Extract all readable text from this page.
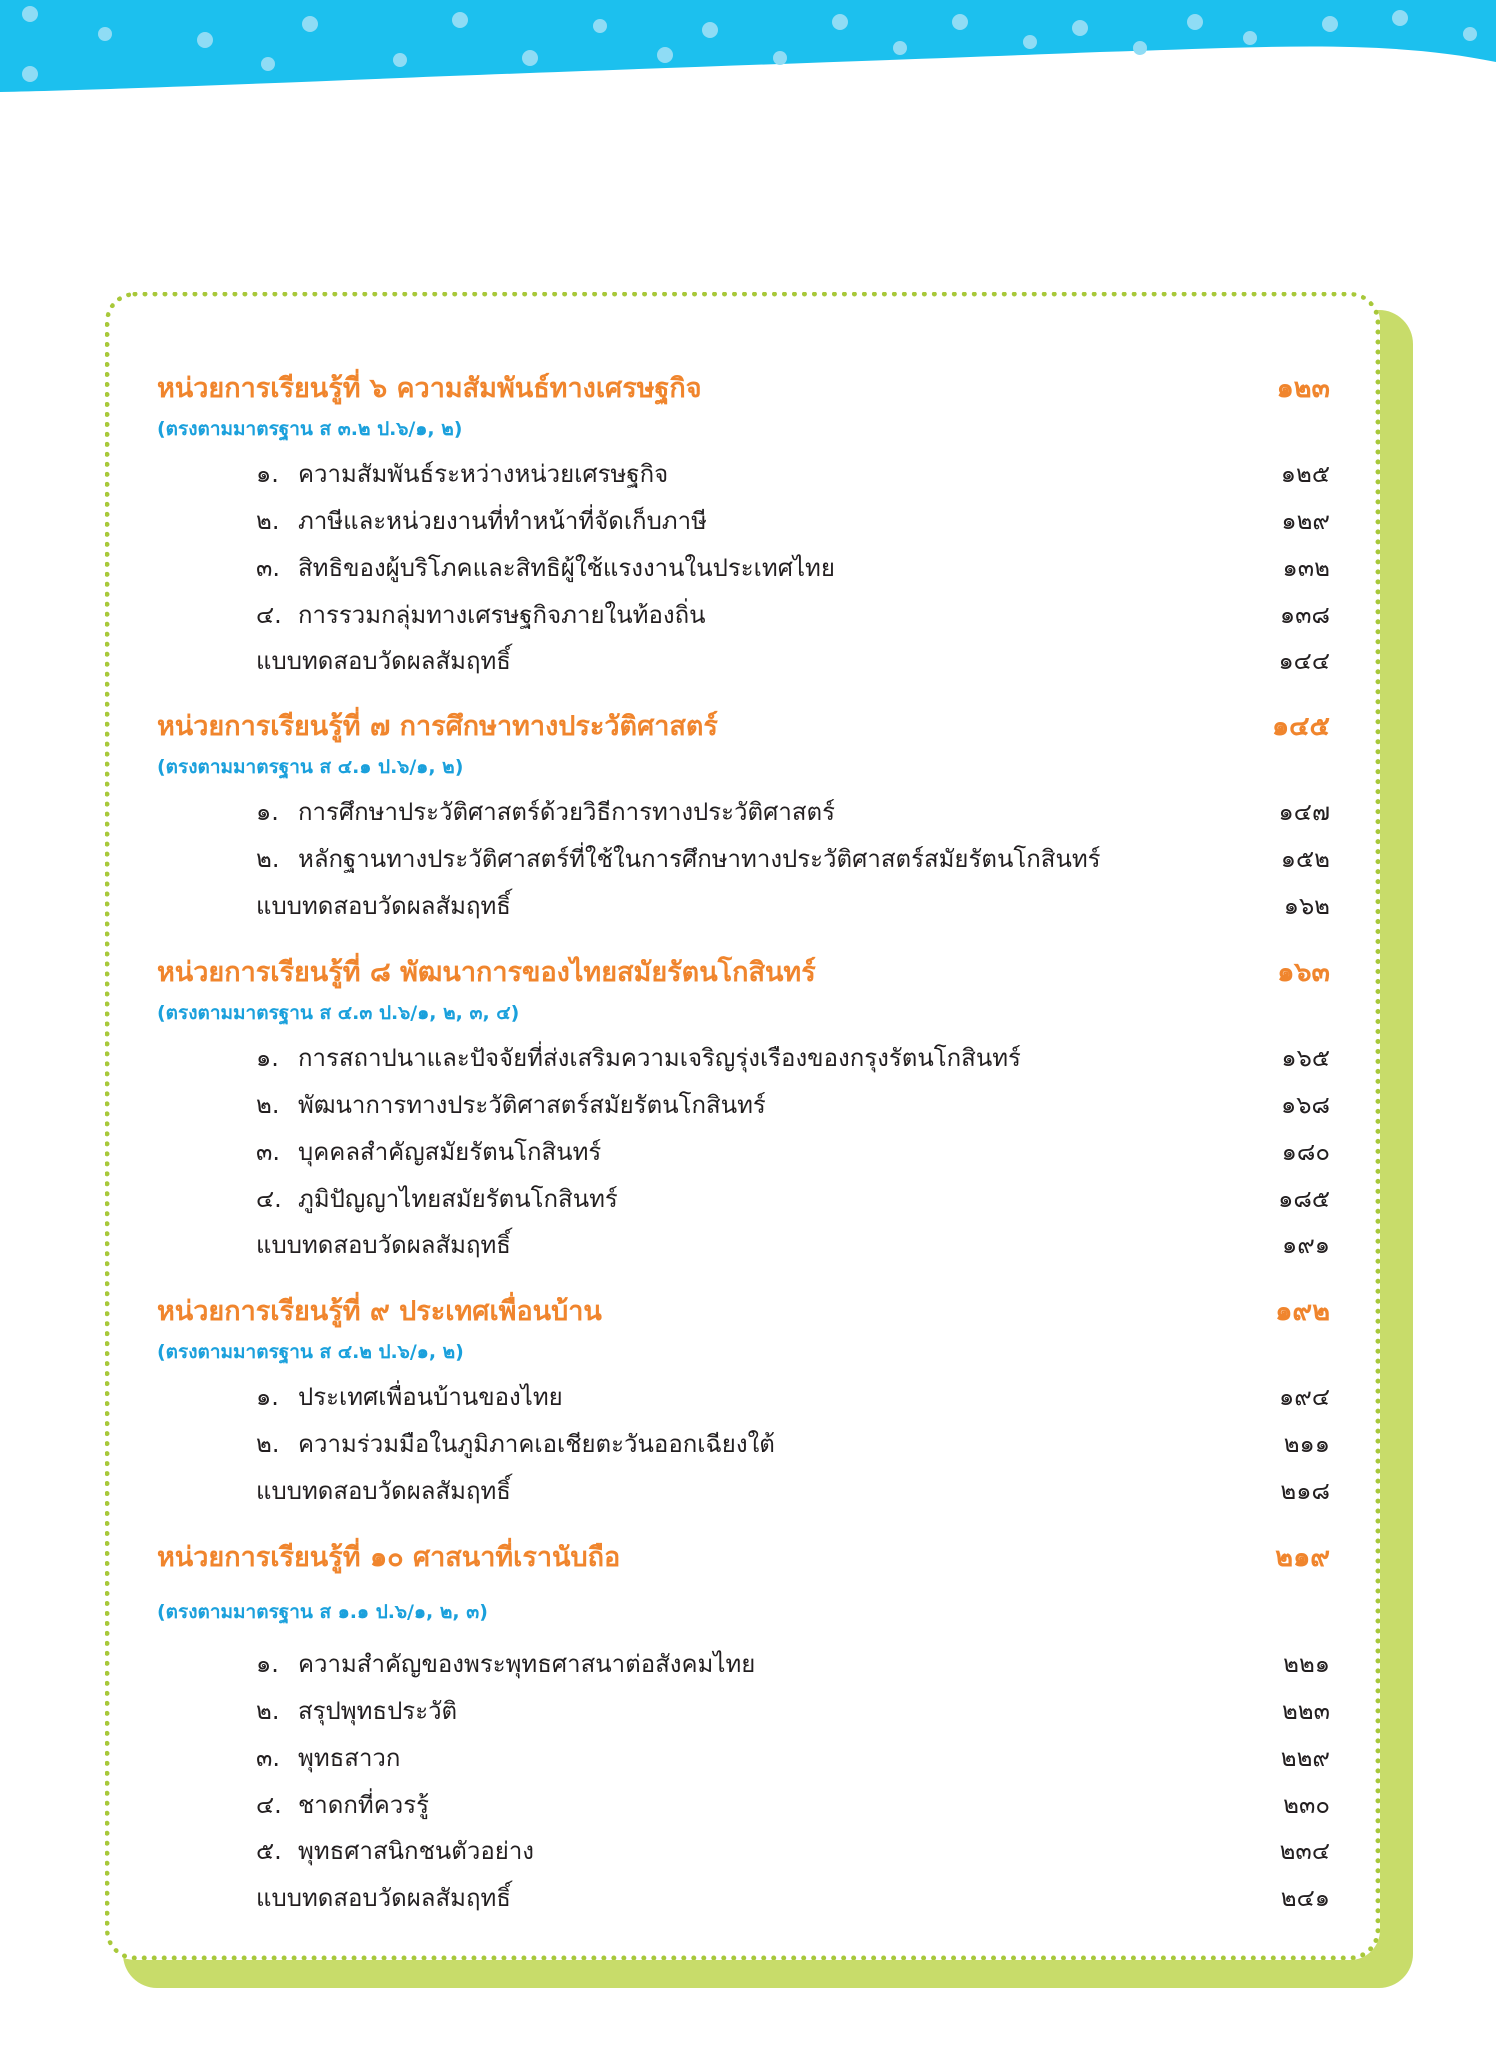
หน่วยการเรียนรู้ที่ ๖ ความสัมพันธ์ทางเศรษฐกิจ	๑๒๓
(ตรงตามมาตรฐาน ส ๓.๒ ป.๖/๑, ๒)
๑. ความสัมพันธ์ระหว่างหน่วยเศรษฐกิจ	๑๒๕
๒. ภาษีและหน่วยงานที่ทำหน้าที่จัดเก็บภาษี	๑๒๙
๓. สิทธิของผู้บริโภคและสิทธิผู้ใช้แรงงานในประเทศไทย	๑๓๒
๔. การรวมกลุ่มทางเศรษฐกิจภายในท้องถิ่น	๑๓๘
แบบทดสอบวัดผลสัมฤทธิ์	๑๔๔
หน่วยการเรียนรู้ที่ ๗ การศึกษาทางประวัติศาสตร์	๑๔๕
(ตรงตามมาตรฐาน ส ๔.๑ ป.๖/๑, ๒)
๑. การศึกษาประวัติศาสตร์ด้วยวิธีการทางประวัติศาสตร์	๑๔๗
๒. หลักฐานทางประวัติศาสตร์ที่ใช้ในการศึกษาทางประวัติศาสตร์สมัยรัตนโกสินทร์	๑๕๒
แบบทดสอบวัดผลสัมฤทธิ์	๑๖๒
หน่วยการเรียนรู้ที่ ๘ พัฒนาการของไทยสมัยรัตนโกสินทร์	๑๖๓
(ตรงตามมาตรฐาน ส ๔.๓ ป.๖/๑, ๒, ๓, ๔)
๑. การสถาปนาและปัจจัยที่ส่งเสริมความเจริญรุ่งเรืองของกรุงรัตนโกสินทร์	๑๖๕
๒. พัฒนาการทางประวัติศาสตร์สมัยรัตนโกสินทร์	๑๖๘
๓. บุคคลสำคัญสมัยรัตนโกสินทร์	๑๘๐
๔. ภูมิปัญญาไทยสมัยรัตนโกสินทร์	๑๘๕
แบบทดสอบวัดผลสัมฤทธิ์	๑๙๑
หน่วยการเรียนรู้ที่ ๙ ประเทศเพื่อนบ้าน	๑๙๒
(ตรงตามมาตรฐาน ส ๔.๒ ป.๖/๑, ๒)
๑. ประเทศเพื่อนบ้านของไทย	๑๙๔
๒. ความร่วมมือในภูมิภาคเอเชียตะวันออกเฉียงใต้	๒๑๑
แบบทดสอบวัดผลสัมฤทธิ์	๒๑๘
หน่วยการเรียนรู้ที่ ๑๐ ศาสนาที่เรานับถือ	๒๑๙
(ตรงตามมาตรฐาน ส ๑.๑ ป.๖/๑, ๒, ๓)
๑. ความสำคัญของพระพุทธศาสนาต่อสังคมไทย	๒๒๑
๒. สรุปพุทธประวัติ	๒๒๓
๓. พุทธสาวก	๒๒๙
๔. ชาดกที่ควรรู้	๒๓๐
๕. พุทธศาสนิกชนตัวอย่าง	๒๓๔
แบบทดสอบวัดผลสัมฤทธิ์	๒๔๑
